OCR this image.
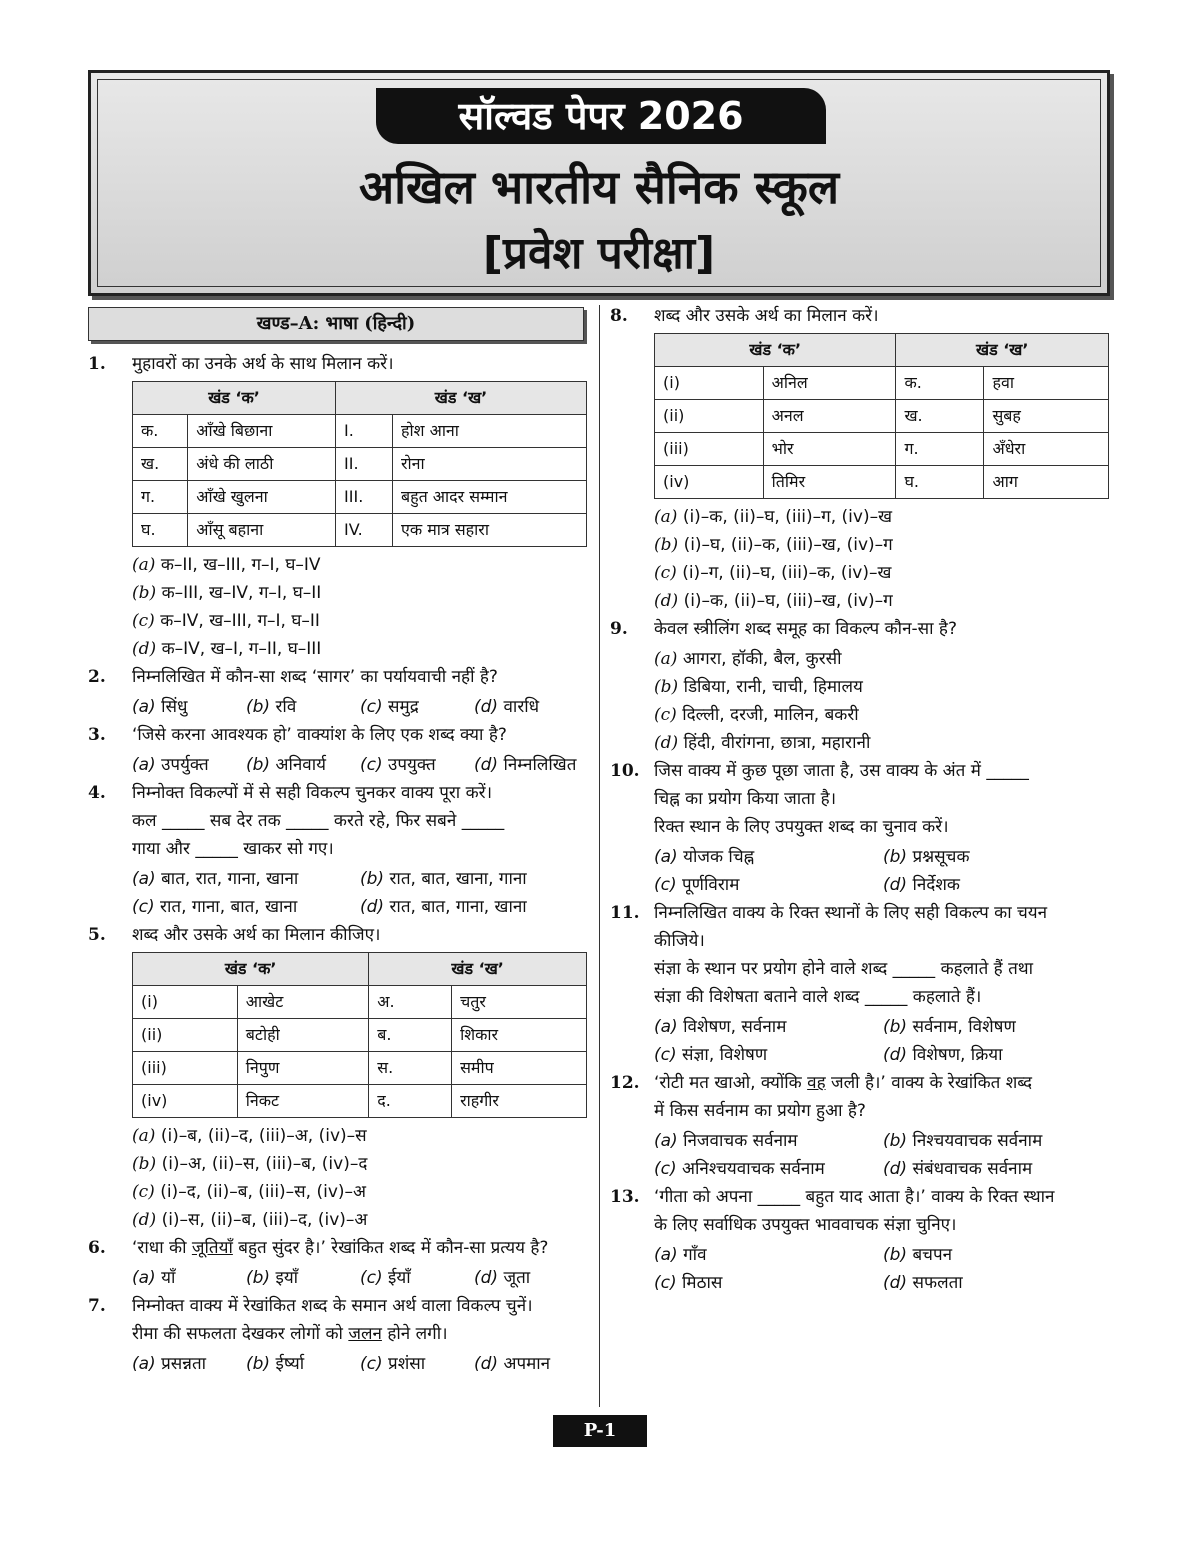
सॉल्वड पेपर 2026
अखिल भारतीय सैनिक स्कूल
[प्रवेश परीक्षा]
खण्ड–A: भाषा (हिन्दी)
1. मुहावरों का उनके अर्थ के साथ मिलान करें।
खंड ‘क’		खंड ‘ख’	
क.	आँखे बिछाना	I.	होश आना
ख.	अंधे की लाठी	II.	रोना
ग.	आँखे खुलना	III.	बहुत आदर सम्मान
घ.	आँसू बहाना	IV.	एक मात्र सहारा
(a) क–II, ख–III, ग–I, घ–IV
(b) क–III, ख–IV, ग–I, घ–II
(c) क–IV, ख–III, ग–I, घ–II
(d) क–IV, ख–I, ग–II, घ–III
2. निम्नलिखित में कौन-सा शब्द ‘सागर’ का पर्यायवाची नहीं है?
(a) सिंधु	(b) रवि	(c) समुद्र	(d) वारधि
3. ‘जिसे करना आवश्यक हो’ वाक्यांश के लिए एक शब्द क्या है?
(a) उपर्युक्त	(b) अनिवार्य	(c) उपयुक्त	(d) निम्नलिखित
4. निम्नोक्त विकल्पों में से सही विकल्प चुनकर वाक्य पूरा करें।
कल _____ सब देर तक _____ करते रहे, फिर सबने _____
गाया और _____ खाकर सो गए।
(a) बात, रात, गाना, खाना	(b) रात, बात, खाना, गाना
(c) रात, गाना, बात, खाना	(d) रात, बात, गाना, खाना
5. शब्द और उसके अर्थ का मिलान कीजिए।
खंड ‘क’		खंड ‘ख’	
(i)	आखेट	अ.	चतुर
(ii)	बटोही	ब.	शिकार
(iii)	निपुण	स.	समीप
(iv)	निकट	द.	राहगीर
(a) (i)–ब, (ii)–द, (iii)–अ, (iv)–स
(b) (i)–अ, (ii)–स, (iii)–ब, (iv)–द
(c) (i)–द, (ii)–ब, (iii)–स, (iv)–अ
(d) (i)–स, (ii)–ब, (iii)–द, (iv)–अ
6. ‘राधा की जूतियाँ बहुत सुंदर है।’ रेखांकित शब्द में कौन-सा प्रत्यय है?
(a) याँ	(b) इयाँ	(c) ईयाँ	(d) जूता
7. निम्नोक्त वाक्य में रेखांकित शब्द के समान अर्थ वाला विकल्प चुनें।
रीमा की सफलता देखकर लोगों को जलन होने लगी।
(a) प्रसन्नता	(b) ईर्ष्या	(c) प्रशंसा	(d) अपमान
8. शब्द और उसके अर्थ का मिलान करें।
खंड ‘क’		खंड ‘ख’	
(i)	अनिल	क.	हवा
(ii)	अनल	ख.	सुबह
(iii)	भोर	ग.	अँधेरा
(iv)	तिमिर	घ.	आग
(a) (i)–क, (ii)–घ, (iii)–ग, (iv)–ख
(b) (i)–घ, (ii)–क, (iii)–ख, (iv)–ग
(c) (i)–ग, (ii)–घ, (iii)–क, (iv)–ख
(d) (i)–क, (ii)–घ, (iii)–ख, (iv)–ग
9. केवल स्त्रीलिंग शब्द समूह का विकल्प कौन-सा है?
(a) आगरा, हॉकी, बैल, कुरसी
(b) डिबिया, रानी, चाची, हिमालय
(c) दिल्ली, दरजी, मालिन, बकरी
(d) हिंदी, वीरांगना, छात्रा, महारानी
10. जिस वाक्य में कुछ पूछा जाता है, उस वाक्य के अंत में _____
चिह्न का प्रयोग किया जाता है।
रिक्त स्थान के लिए उपयुक्त शब्द का चुनाव करें।
(a) योजक चिह्न	(b) प्रश्नसूचक
(c) पूर्णविराम	(d) निर्देशक
11. निम्नलिखित वाक्य के रिक्त स्थानों के लिए सही विकल्प का चयन
कीजिये।
संज्ञा के स्थान पर प्रयोग होने वाले शब्द _____ कहलाते हैं तथा
संज्ञा की विशेषता बताने वाले शब्द _____ कहलाते हैं।
(a) विशेषण, सर्वनाम	(b) सर्वनाम, विशेषण
(c) संज्ञा, विशेषण	(d) विशेषण, क्रिया
12. ‘रोटी मत खाओ, क्योंकि वह जली है।’ वाक्य के रेखांकित शब्द
में किस सर्वनाम का प्रयोग हुआ है?
(a) निजवाचक सर्वनाम	(b) निश्चयवाचक सर्वनाम
(c) अनिश्चयवाचक सर्वनाम	(d) संबंधवाचक सर्वनाम
13. ‘गीता को अपना _____ बहुत याद आता है।’ वाक्य के रिक्त स्थान
के लिए सर्वाधिक उपयुक्त भाववाचक संज्ञा चुनिए।
(a) गाँव	(b) बचपन
(c) मिठास	(d) सफलता
P-1
